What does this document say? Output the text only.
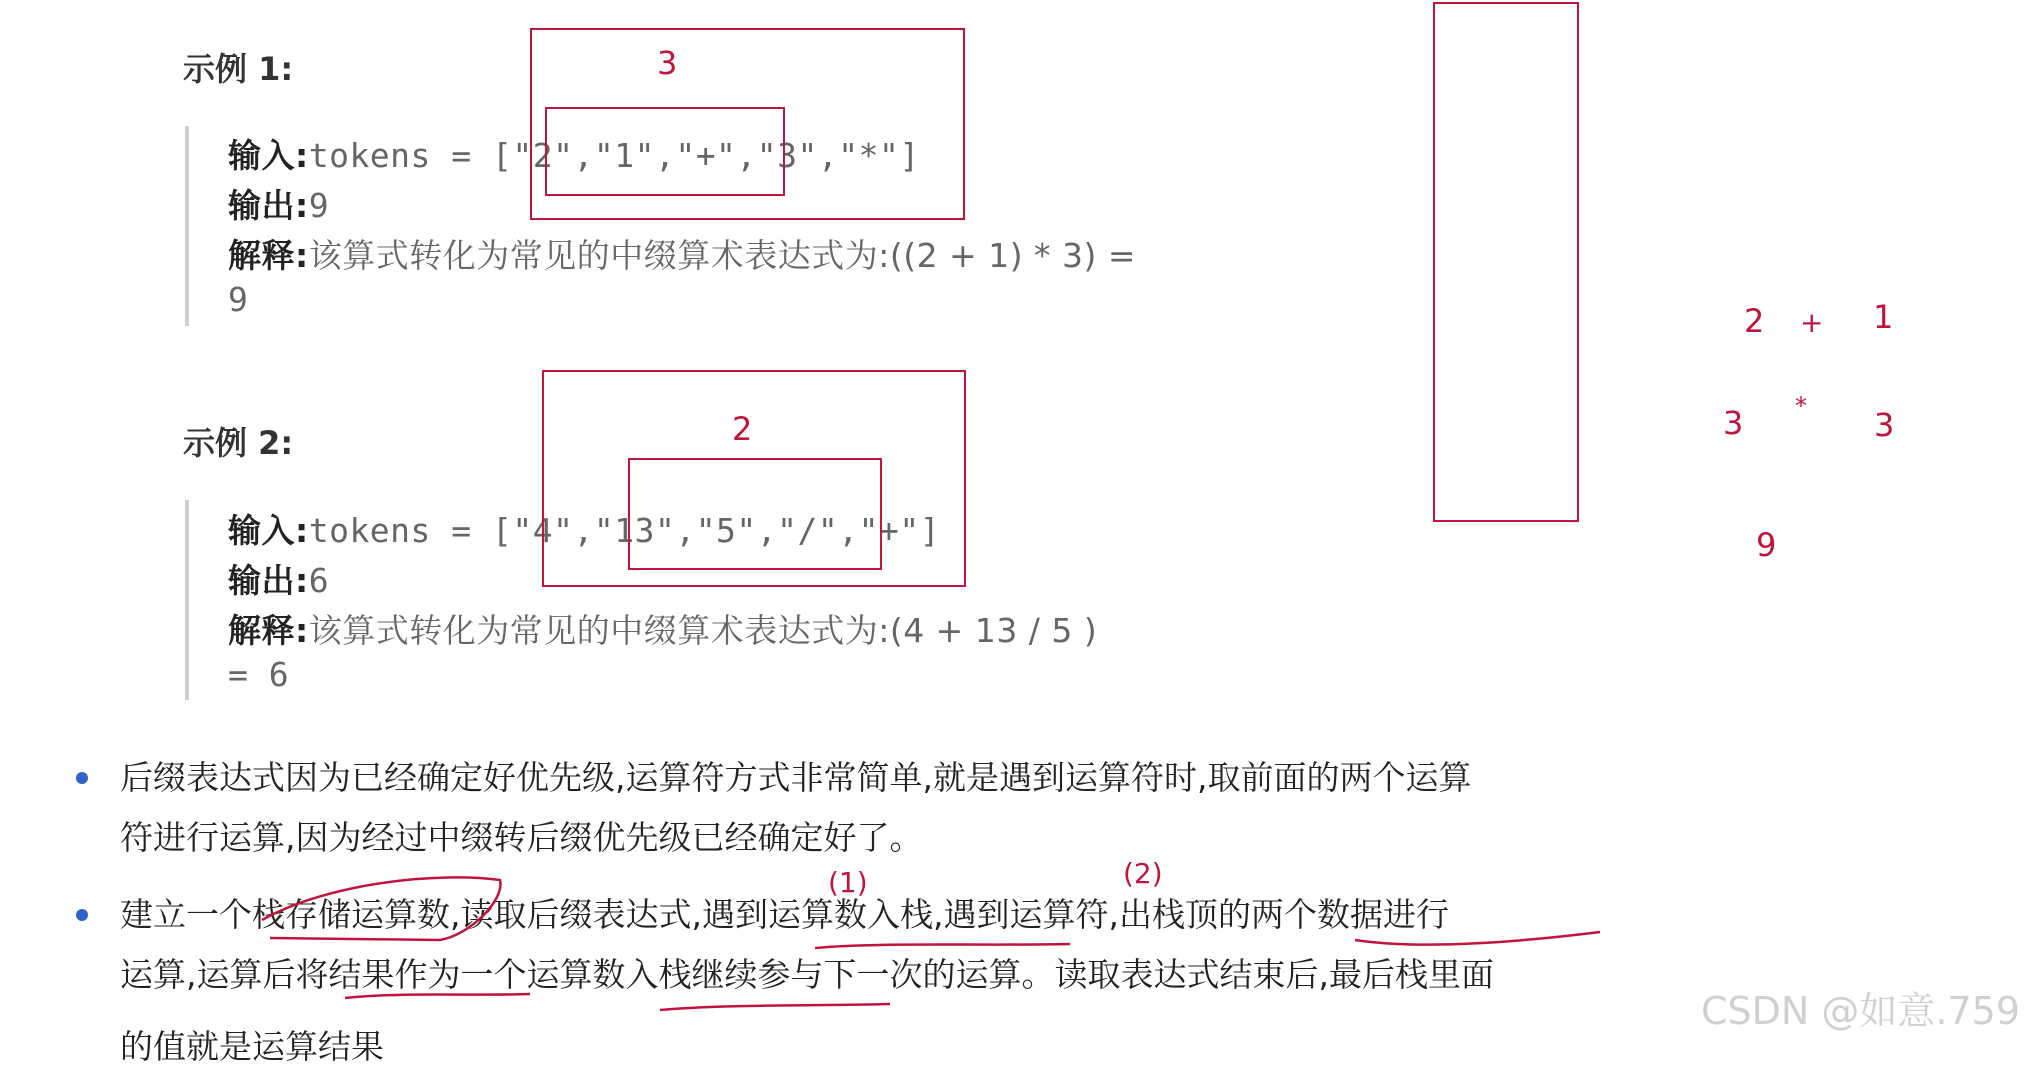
示例 1:
输入:tokens = ["2","1","+","3","*"]
输出:9
解释:该算式转化为常见的中缀算术表达式为:((2 + 1) * 3) =
9
3
示例 2:
输入:tokens = ["4","13","5","/","+"]
输出:6
解释:该算式转化为常见的中缀算术表达式为:(4 + 13 / 5 )
= 6
2
2 + 1
3 * 3
9
后缀表达式因为已经确定好优先级,运算符方式非常简单,就是遇到运算符时,取前面的两个运算
符进行运算,因为经过中缀转后缀优先级已经确定好了。
建立一个栈存储运算数,读取后缀表达式,遇到运算数入栈,遇到运算符,出栈顶的两个数据进行
运算,运算后将结果作为一个运算数入栈继续参与下一次的运算。读取表达式结束后,最后栈里面
的值就是运算结果
(1)	(2)
CSDN @如意.759
